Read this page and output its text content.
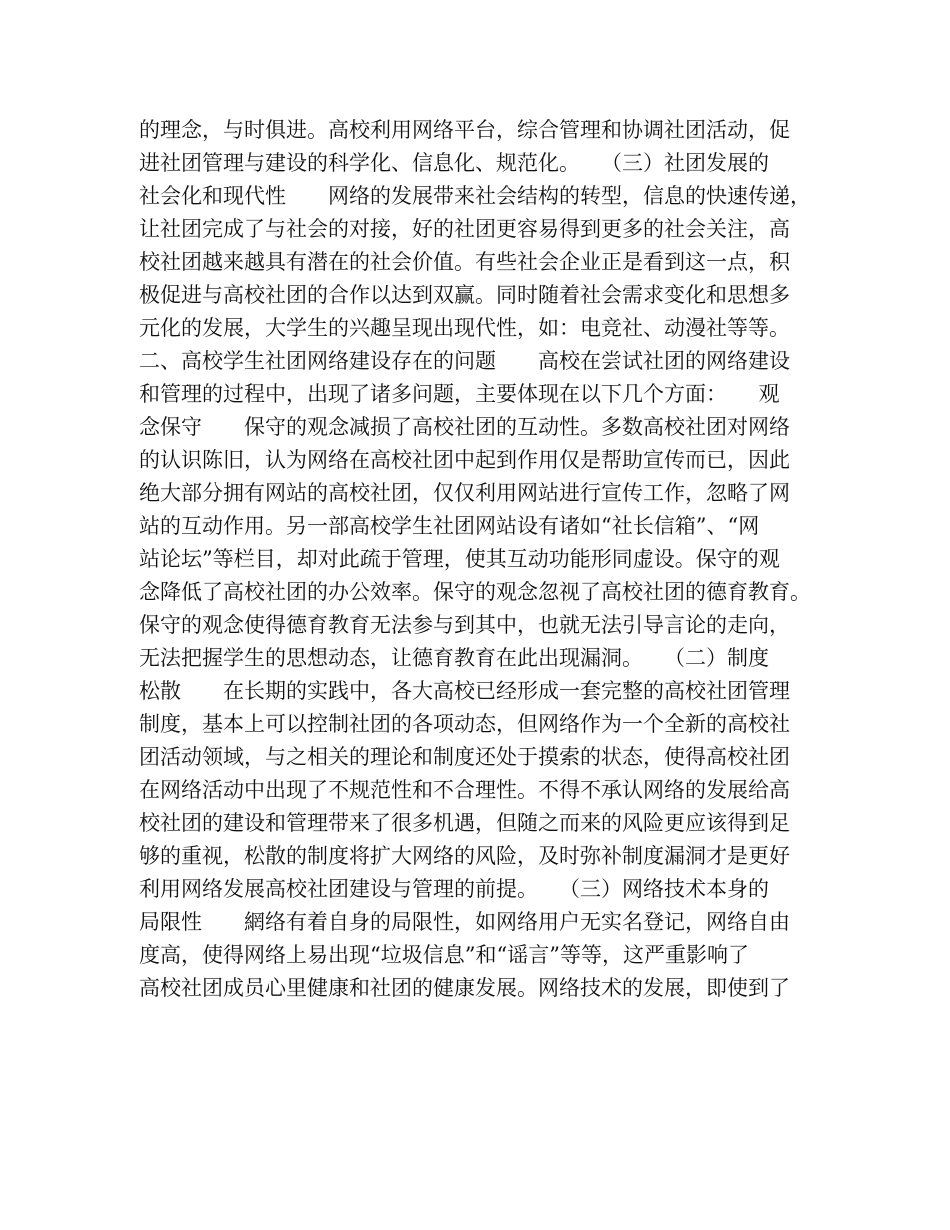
的理念，与时俱进。高校利用网络平台，综合管理和协调社团活动，促
进社团管理与建设的科学化、信息化、规范化。　　（三）社团发展的
社会化和现代性　　网络的发展带来社会结构的转型，信息的快速传递，
让社团完成了与社会的对接，好的社团更容易得到更多的社会关注，高
校社团越来越具有潜在的社会价值。有些社会企业正是看到这一点，积
极促进与高校社团的合作以达到双赢。同时随着社会需求变化和思想多
元化的发展，大学生的兴趣呈现出现代性，如：电竞社、动漫社等等。
二、高校学生社团网络建设存在的问题　　高校在尝试社团的网络建设
和管理的过程中，出现了诸多问题，主要体现在以下几个方面：　　观
念保守　　保守的观念减损了高校社团的互动性。多数高校社团对网络
的认识陈旧，认为网络在高校社团中起到作用仅是帮助宣传而已，因此
绝大部分拥有网站的高校社团，仅仅利用网站进行宣传工作，忽略了网
站的互动作用。另一部高校学生社团网站设有诸如“社长信箱”、“网
站论坛”等栏目，却对此疏于管理，使其互动功能形同虚设。保守的观
念降低了高校社团的办公效率。保守的观念忽视了高校社团的德育教育。
保守的观念使得德育教育无法参与到其中，也就无法引导言论的走向，
无法把握学生的思想动态，让德育教育在此出现漏洞。　　（二）制度
松散　　在长期的实践中，各大高校已经形成一套完整的高校社团管理
制度，基本上可以控制社团的各项动态，但网络作为一个全新的高校社
团活动领域，与之相关的理论和制度还处于摸索的状态，使得高校社团
在网络活动中出现了不规范性和不合理性。不得不承认网络的发展给高
校社团的建设和管理带来了很多机遇，但随之而来的风险更应该得到足
够的重视，松散的制度将扩大网络的风险，及时弥补制度漏洞才是更好
利用网络发展高校社团建设与管理的前提。　　（三）网络技术本身的
局限性　　網络有着自身的局限性，如网络用户无实名登记，网络自由
度高，使得网络上易出现“垃圾信息”和“谣言”等等，这严重影响了
高校社团成员心里健康和社团的健康发展。网络技术的发展，即使到了
